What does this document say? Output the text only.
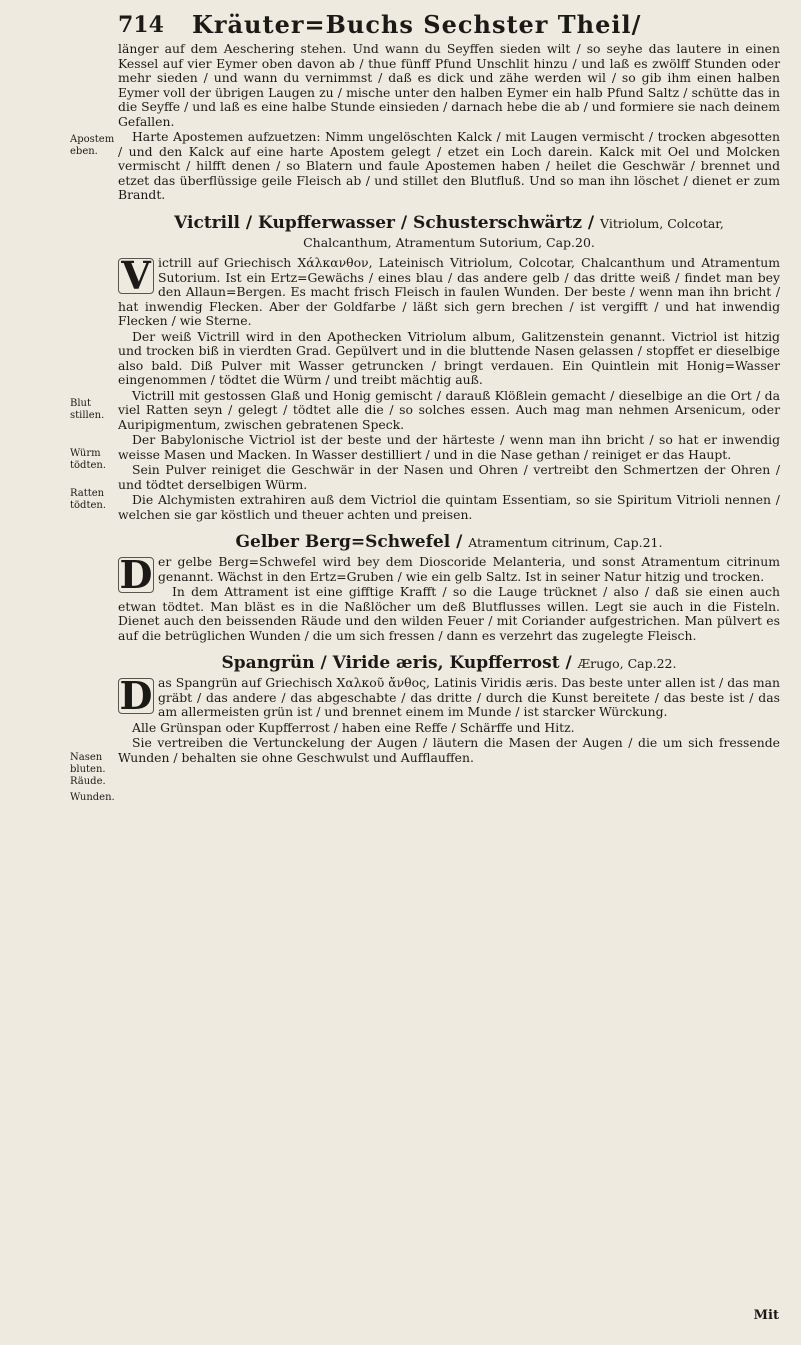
714 Kräuter=Buchs Sechster Theil/
Apostem eben.
Blut stillen.
Würm tödten.
Ratten tödten.
Nasen bluten. Räude.
Wunden.

länger auf dem Aeschering stehen. Und wann du Seyffen sieden wilt / so seyhe das lautere in einen Kessel auf vier Eymer oben davon ab / thue fünff Pfund Unschlit hinzu / und laß es zwölff Stunden oder mehr sieden / und wann du vernimmst / daß es dick und zähe werden wil / so gib ihm einen halben Eymer voll der übrigen Laugen zu / mische unter den halben Eymer ein halb Pfund Saltz / schütte das in die Seyffe / und laß es eine halbe Stunde einsieden / darnach hebe die ab / und formiere sie nach deinem Gefallen.

Harte Apostemen aufzuetzen: Nimm ungelöschten Kalck / mit Laugen vermischt / trocken abgesotten / und den Kalck auf eine harte Apostem gelegt / etzet ein Loch darein. Kalck mit Oel und Molcken vermischt / hilfft denen / so Blatern und faule Apostemen haben / heilet die Geschwär / brennet und etzet das überflüssige geile Fleisch ab / und stillet den Blutfluß. Und so man ihn löschet / dienet er zum Brandt.

Victrill / Kupfferwasser / Schusterschwärtz / Vitriolum, Colcotar,
Chalcanthum, Atramentum Sutorium, Cap.20.

V ictrill auf Griechisch Χάλκανθον, Lateinisch Vitriolum, Colcotar, Chalcanthum und Atramentum Sutorium. Ist ein Ertz=Gewächs / eines blau / das andere gelb / das dritte weiß / findet man bey den Allaun=Bergen. Es macht frisch Fleisch in faulen Wunden. Der beste / wenn man ihn bricht / hat inwendig Flecken. Aber der Goldfarbe / läßt sich gern brechen / ist vergifft / und hat inwendig Flecken / wie Sterne.

Der weiß Victrill wird in den Apothecken Vitriolum album, Galitzenstein genannt. Victriol ist hitzig und trocken biß in vierdten Grad. Gepülvert und in die bluttende Nasen gelassen / stopffet er dieselbige also bald. Diß Pulver mit Wasser getruncken / bringt verdauen. Ein Quintlein mit Honig=Wasser eingenommen / tödtet die Würm / und treibt mächtig auß.

Victrill mit gestossen Glaß und Honig gemischt / darauß Klößlein gemacht / dieselbige an die Ort / da viel Ratten seyn / gelegt / tödtet alle die / so solches essen. Auch mag man nehmen Arsenicum, oder Auripigmentum, zwischen gebratenen Speck.

Der Babylonische Victriol ist der beste und der härteste / wenn man ihn bricht / so hat er inwendig weisse Masen und Macken. In Wasser destilliert / und in die Nase gethan / reiniget er das Haupt.

Sein Pulver reiniget die Geschwär in der Nasen und Ohren / vertreibt den Schmertzen der Ohren / und tödtet derselbigen Würm.

Die Alchymisten extrahiren auß dem Victriol die quintam Essentiam, so sie Spiritum Vitrioli nennen / welchen sie gar köstlich und theuer achten und preisen.

Gelber Berg=Schwefel / Atramentum citrinum, Cap.21.

D er gelbe Berg=Schwefel wird bey dem Dioscoride Melanteria, und sonst Atramentum citrinum genannt. Wächst in den Ertz=Gruben / wie ein gelb Saltz. Ist in seiner Natur hitzig und trocken.

In dem Attrament ist eine gifftige Krafft / so die Lauge trücknet / also / daß sie einen auch etwan tödtet. Man bläst es in die Naßlöcher um deß Blutflusses willen. Legt sie auch in die Fisteln. Dienet auch den beissenden Räude und den wilden Feuer / mit Coriander aufgestrichen. Man pülvert es auf die betrüglichen Wunden / die um sich fressen / dann es verzehrt das zugelegte Fleisch.

Spangrün / Viride æris, Kupfferrost / Ærugo, Cap.22.

D as Spangrün auf Griechisch Χαλκοῦ ἄνθος, Latinis Viridis æris. Das beste unter allen ist / das man gräbt / das andere / das abgeschabte / das dritte / durch die Kunst bereitete / das beste ist / das am allermeisten grün ist / und brennet einem im Munde / ist starcker Würckung.

Alle Grünspan oder Kupfferrost / haben eine Reffe / Schärffe und Hitz.

Sie vertreiben die Vertunckelung der Augen / läutern die Masen der Augen / die um sich fressende Wunden / behalten sie ohne Geschwulst und Aufflauffen.

Mit
